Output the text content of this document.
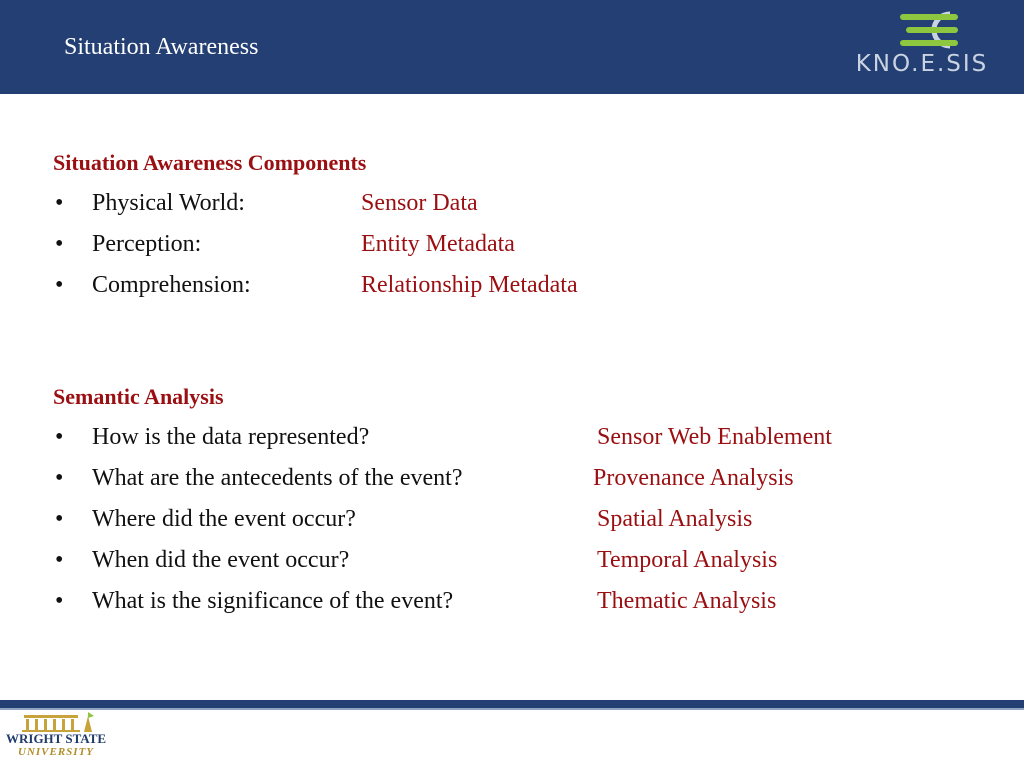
Situation Awareness
KNO.E.SIS
Situation Awareness Components
• Physical World:	Sensor Data
• Perception:	Entity Metadata
• Comprehension:	Relationship Metadata
Semantic Analysis
• How is the data represented?	Sensor Web Enablement
• What are the antecedents of the event?	Provenance Analysis
• Where did the event occur?	Spatial Analysis
• When did the event occur?	Temporal Analysis
• What is the significance of the event?	Thematic Analysis
WRIGHT STATE
UNIVERSITY
